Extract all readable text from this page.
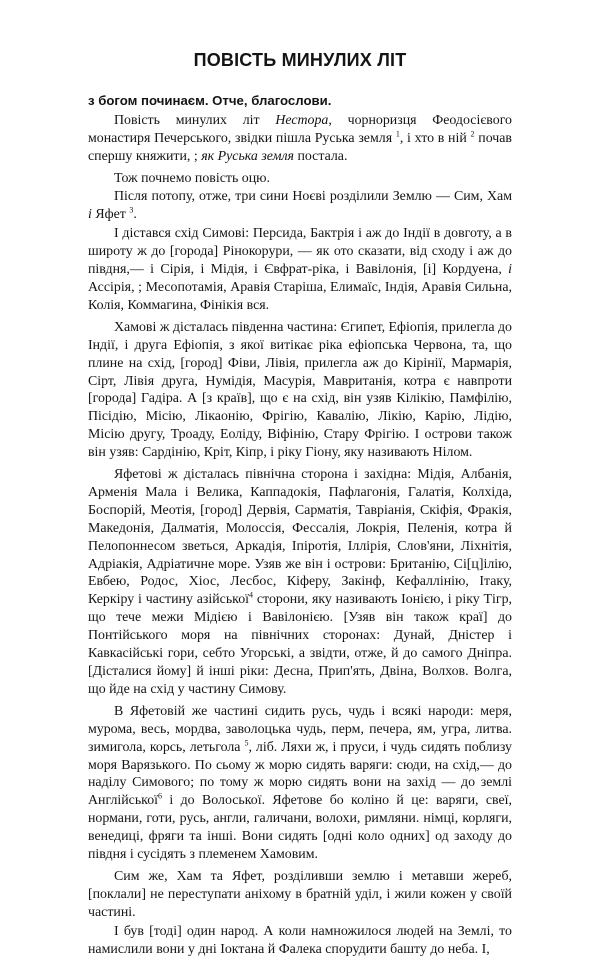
ПОВІСТЬ МИНУЛИХ ЛІТ
з богом починаєм. Отче, благослови.

Повість минулих літ Нестора, чорноризця Феодосієвого монастиря Печерського, звідки пішла Руська земля $^1$, і хто в ній $^2$ почав спершу княжити, ; як Руська земля постала.

Тож почнемо повість оцю.

Після потопу, отже, три сини Ноєві розділили Землю — Сим, Хам і Яфет $^3$.

І дістався схід Симові: Персида, Бактрія і аж до Індії в довготу, а в широту ж до [города] Рінокорури, — як ото сказати, від сходу і аж до півдня,— і Сірія, і Мідія, і Євфрат-ріка, і Вавілонія, [і] Кордуена, і Ассірія, ; Месопотамія, Аравія Старіша, Елимаїс, Індія, Аравія Сильна, Колія, Коммагина, Фінікія вся.

Хамові ж дісталась південна частина: Єгипет, Ефіопія, прилегла до Індії, і друга Ефіопія, з якої витікає ріка ефіопська Червона, та, що плине на схід, [город] Фіви, Лівія, прилегла аж до Кірінії, Мармарія, Сірт, Лівія друга, Нумідія, Масурія, Мавританія, котра є навпроти [города] Гадіра. А [з країв], що є на схід, він узяв Кілікію, Памфілію, Пісідію, Місію, Лікаонію, Фрігію, Кавалію, Лікію, Карію, Лідію, Місію другу, Троаду, Еолiду, Віфінію, Стару Фрігію. І острови також він узяв: Сардінію, Кріт, Кіпр, і ріку Гіону, яку називають Нілом.

Яфетові ж дісталась північна сторона і західна: Мідія, Албанія, Арменія Мала і Велика, Каппадокія, Пафлагонія, Галатія, Колхіда, Боспорій, Меотія, [город] Дервія, Сарматія, Таврiанія, Скіфія, Фракія, Македонія, Далматія, Молоссія, Фессалія, Локрія, Пеленія, котра й Пелопоннесом зветься, Аркадія, Іпіротія, Іллірія, Слов'яни, Ліхнітія, Адріакія, Адріатичне море. Узяв же він і острови: Британію, Сі[ц]ілію, Евбею, Родос, Хіос, Лесбос, Кіферу, Закінф, Кефаллінію, Ітаку, Керкіру і частину азійської$^4$ сторони, яку називають Іонією, і ріку Тігр, що тече межи Мідією і Вавілонією. [Узяв він також краї] до Понтійського моря на північних сторонах: Дунай, Дністер і Кавкасійські гори, себто Угорські, а звідти, отже, й до самого Дніпра. [Дісталися йому] й інші ріки: Десна, Прип'ять, Двіна, Волхов. Волга, що йде на схід у частину Симову.

В Яфетовій же частині сидить русь, чудь і всякі народи: меря, мурома, весь, мордва, заволоцька чудь, перм, печера, ям, угра, литва. зимигола, корсь, летьгола $^5$, лiб. Ляхи ж, і пруси, і чудь сидять поблизу моря Варязького. По сьому ж морю сидять варяги: сюди, на схід,— до наділу Симового; по тому ж морю сидять вони на захід — до землі Англійської$^6$ і до Волоської. Яфетове бо коліно й це: варяги, свеї, нормани, готи, русь, англи, галичани, волохи, римляни. німці, корляги, венедиці, фряги та інші. Вони сидять [одні коло одних] од заходу до півдня і сусідять з племенем Хамовим.

Сим же, Хам та Яфет, розділивши землю і метавши жереб, [поклали] не переступати аніхому в братній уділ, і жили кожен у своїй частині.

І був [тоді] один народ. А коли намножилося людей на Землі, то намислили вони у дні Іоктана й Фалека спорудити башту до неба. І,
